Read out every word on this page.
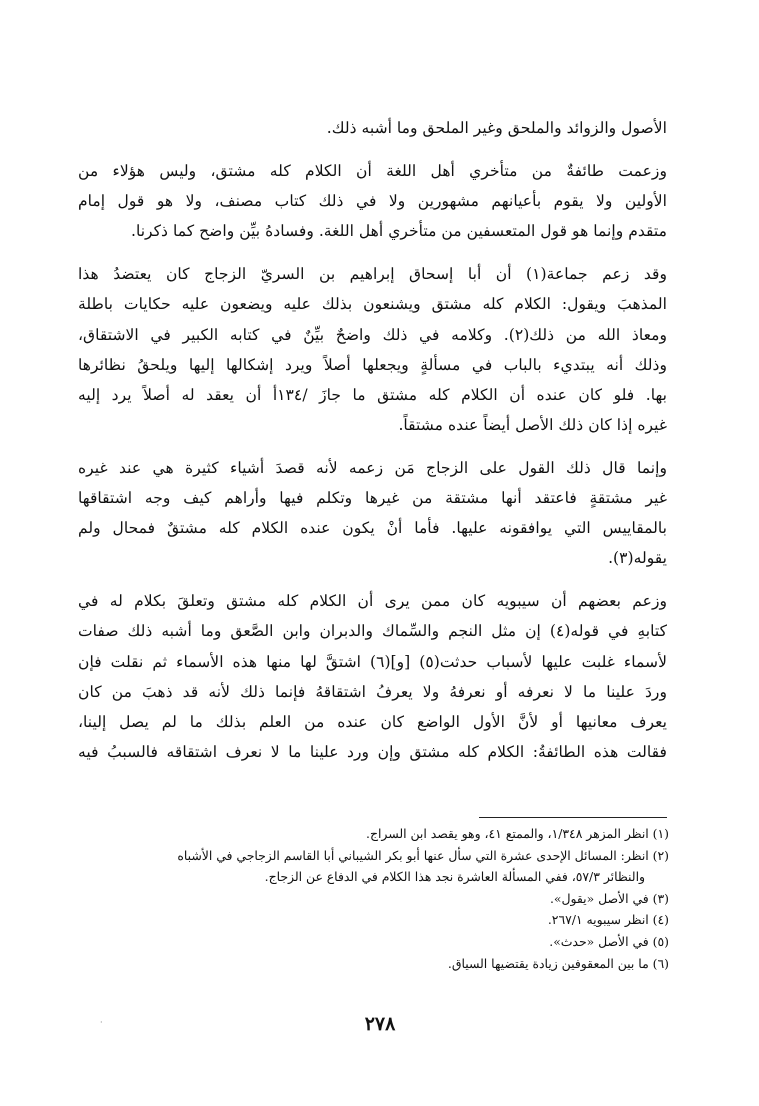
الأصول والزوائد والملحق وغير الملحق وما أشبه ذلك.
وزعمت طائفةٌ من متأخري أهل اللغة أن الكلام كله مشتق، وليس هؤلاء من
الأولين ولا يقوم بأعيانهم مشهورين ولا في ذلك كتاب مصنف، ولا هو قول إمام
متقدم وإنما هو قول المتعسفين من متأخري أهل اللغة. وفسادهُ بيِّن واضح كما ذكرنا.
وقد زعم جماعة(١) أن أبا إسحاق إبراهيم بن السريّ الزجاج كان يعتضدُ هذا
المذهبَ ويقول: الكلام كله مشتق ويشنعون بذلك عليه ويضعون عليه حكايات باطلة
ومعاذ الله من ذلك(٢). وكلامه في ذلك واضحٌ بيِّنٌ في كتابه الكبير في الاشتقاق،
وذلك أنه يبتديء بالباب في مسألةٍ ويجعلها أصلاً ويرد إشكالها إليها ويلحقُ نظائرها
بها. فلو كان عنده أن الكلام كله مشتق ما جازَ /١٣٤أ أن يعقد له أصلاً يرد إليه
غيره إذا كان ذلك الأصل أيضاً عنده مشتقاً.
وإنما قال ذلك القول على الزجاج مَن زعمه لأنه قصدَ أشياء كثيرة هي عند غيره
غير مشتقةٍ فاعتقد أنها مشتقة من غيرها وتكلم فيها وأراهم كيف وجه اشتقاقها
بالمقاييس التي يوافقونه عليها. فأما أنْ يكون عنده الكلام كله مشتقٌ فمحال ولم
يقوله(٣).
وزعم بعضهم أن سيبويه كان ممن يرى أن الكلام كله مشتق وتعلقَ بكلام له في
كتابهِ في قوله(٤) إن مثل النجم والسِّماك والدبران وابن الصَّعق وما أشبه ذلك صفات
لأسماء غلبت عليها لأسباب حدثت(٥) [و](٦) اشتقَّ لها منها هذه الأسماء ثم نقلت فإن
وردَ علينا ما لا نعرفه أو نعرفهُ ولا يعرفُ اشتقاقهُ فإنما ذلك لأنه قد ذهبَ من كان
يعرف معانيها أو لأنَّ الأول الواضع كان عنده من العلم بذلك ما لم يصل إلينا،
فقالت هذه الطائفةُ: الكلام كله مشتق وإن ورد علينا ما لا نعرف اشتقاقه فالسببُ فيه
(١) انظر المزهر ١/٣٤٨، والممتع ٤١، وهو يقصد ابن السراج.
(٢) انظر: المسائل الإحدى عشرة التي سأل عنها أبو بكر الشيباني أبا القاسم الزجاجي في الأشباه
والنظائر ٥٧/٣، ففي المسألة العاشرة نجد هذا الكلام في الدفاع عن الزجاج.
(٣) في الأصل «يقول».
(٤) انظر سيبويه ٢٦٧/١.
(٥) في الأصل «حدث».
(٦) ما بين المعقوفين زيادة يقتضيها السياق.
·	٢٧٨
